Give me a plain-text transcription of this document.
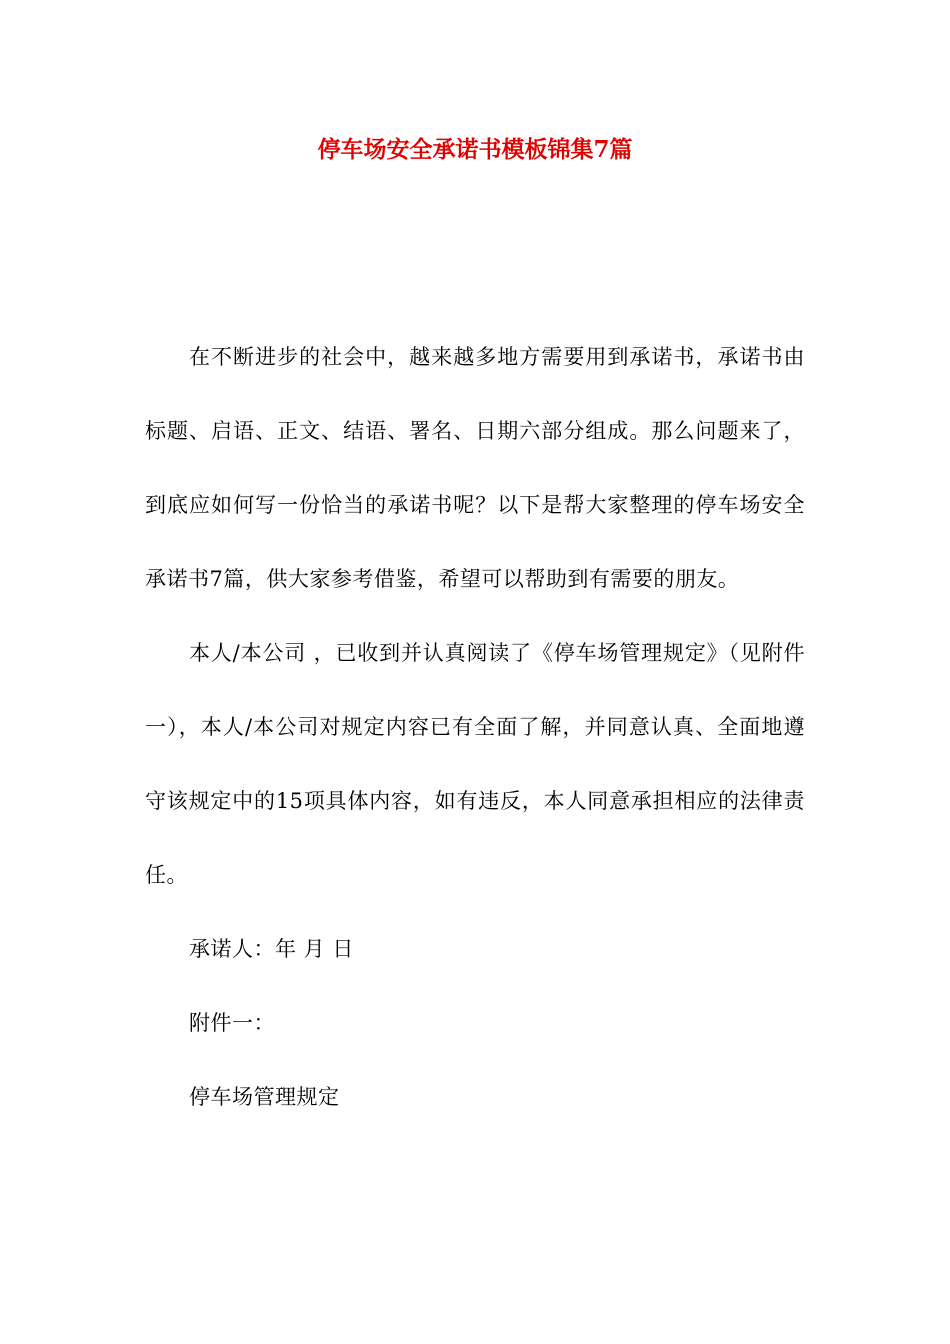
停车场安全承诺书模板锦集7篇

在不断进步的社会中，越来越多地方需要用到承诺书，承诺书由标题、启语、正文、结语、署名、日期六部分组成。那么问题来了，到底应如何写一份恰当的承诺书呢？以下是帮大家整理的停车场安全承诺书7篇，供大家参考借鉴，希望可以帮助到有需要的朋友。

本人/本公司 ，已收到并认真阅读了《停车场管理规定》（见附件一），本人/本公司对规定内容已有全面了解，并同意认真、全面地遵守该规定中的15项具体内容，如有违反，本人同意承担相应的法律责任。

承诺人：年 月 日

附件一：

停车场管理规定
